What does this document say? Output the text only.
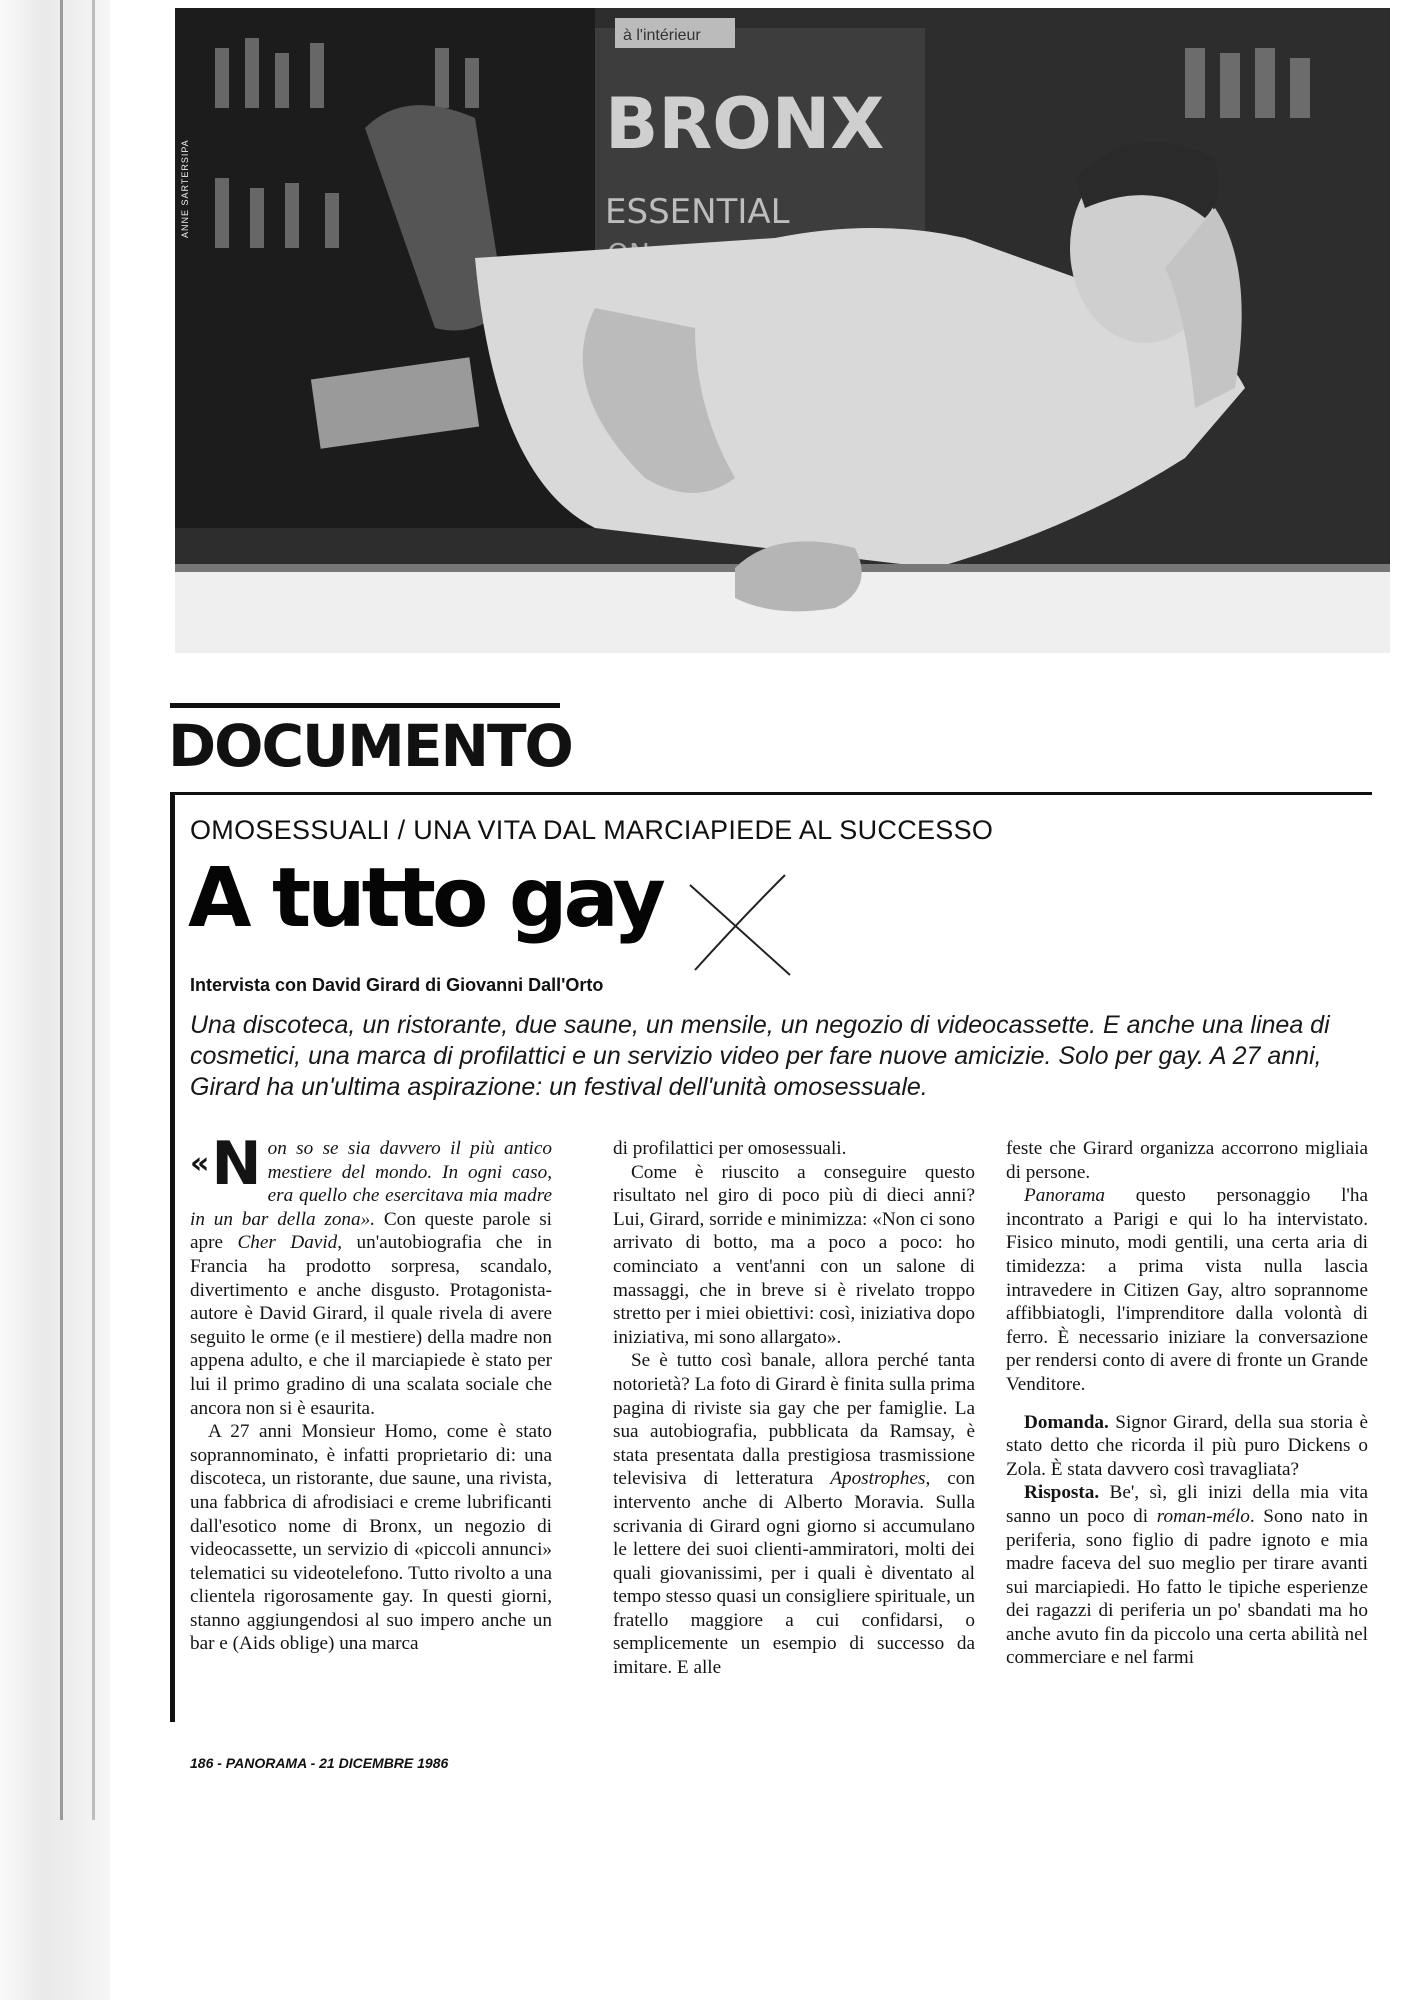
à l'intérieur
BRONX
ESSENTIAL
ANNE SARTERSIPA
DOCUMENTO
OMOSESSUALI / UNA VITA DAL MARCIAPIEDE AL SUCCESSO
A tutto gay
Intervista con David Girard di Giovanni Dall'Orto

Una discoteca, un ristorante, due saune, un mensile, un negozio di videocassette. E anche una linea di cosmetici, una marca di profilattici e un servizio video per fare nuove amicizie. Solo per gay. A 27 anni, Girard ha un'ultima aspirazione: un festival dell'unità omosessuale.

«N on so se sia davvero il più antico mestiere del mondo. In ogni caso, era quello che esercitava mia madre in un bar della zona». Con queste parole si apre Cher David, un'autobiografia che in Francia ha prodotto sorpresa, scandalo, divertimento e anche disgusto. Protagonista-autore è David Girard, il quale rivela di avere seguito le orme (e il mestiere) della madre non appena adulto, e che il marciapiede è stato per lui il primo gradino di una scalata sociale che ancora non si è esaurita.

A 27 anni Monsieur Homo, come è stato soprannominato, è infatti proprietario di: una discoteca, un ristorante, due saune, una rivista, una fabbrica di afrodisiaci e creme lubrificanti dall'esotico nome di Bronx, un negozio di videocassette, un servizio di «piccoli annunci» telematici su videotelefono. Tutto rivolto a una clientela rigorosamente gay. In questi giorni, stanno aggiungendosi al suo impero anche un bar e (Aids oblige) una marca

di profilattici per omosessuali.

Come è riuscito a conseguire questo risultato nel giro di poco più di dieci anni? Lui, Girard, sorride e minimizza: «Non ci sono arrivato di botto, ma a poco a poco: ho cominciato a vent'anni con un salone di massaggi, che in breve si è rivelato troppo stretto per i miei obiettivi: così, iniziativa dopo iniziativa, mi sono allargato».

Se è tutto così banale, allora perché tanta notorietà? La foto di Girard è finita sulla prima pagina di riviste sia gay che per famiglie. La sua autobiografia, pubblicata da Ramsay, è stata presentata dalla prestigiosa trasmissione televisiva di letteratura Apostrophes, con intervento anche di Alberto Moravia. Sulla scrivania di Girard ogni giorno si accumulano le lettere dei suoi clienti-ammiratori, molti dei quali giovanissimi, per i quali è diventato al tempo stesso quasi un consigliere spirituale, un fratello maggiore a cui confidarsi, o semplicemente un esempio di successo da imitare. E alle

feste che Girard organizza accorrono migliaia di persone.

Panorama questo personaggio l'ha incontrato a Parigi e qui lo ha intervistato. Fisico minuto, modi gentili, una certa aria di timidezza: a prima vista nulla lascia intravedere in Citizen Gay, altro soprannome affibbiatogli, l'imprenditore dalla volontà di ferro. È necessario iniziare la conversazione per rendersi conto di avere di fronte un Grande Venditore.

Domanda. Signor Girard, della sua storia è stato detto che ricorda il più puro Dickens o Zola. È stata davvero così travagliata?

Risposta. Be', sì, gli inizi della mia vita sanno un poco di roman-mélo. Sono nato in periferia, sono figlio di padre ignoto e mia madre faceva del suo meglio per tirare avanti sui marciapiedi. Ho fatto le tipiche esperienze dei ragazzi di periferia un po' sbandati ma ho anche avuto fin da piccolo una certa abilità nel commerciare e nel farmi

186 - PANORAMA - 21 DICEMBRE 1986
